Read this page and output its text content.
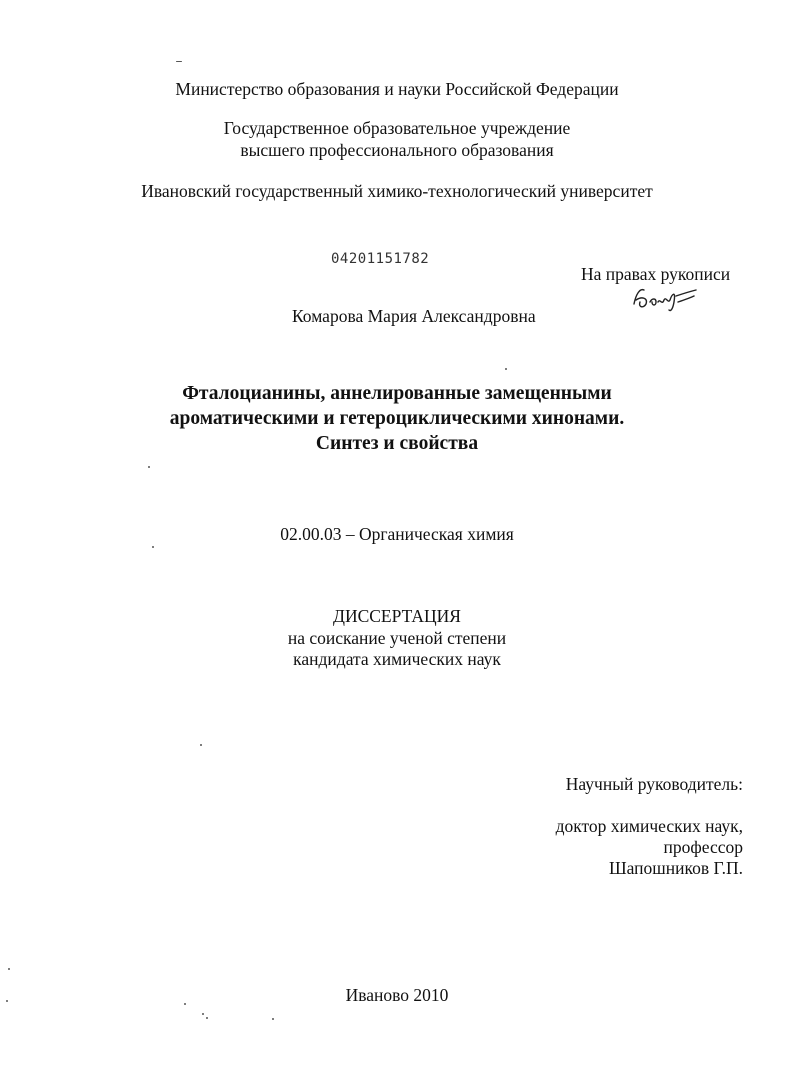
Министерство образования и науки Российской Федерации
Государственное образовательное учреждение
высшего профессионального образования
Ивановский государственный химико-технологический университет
04201151782
На правах рукописи
Комарова Мария Александровна
Фталоцианины, аннелированные замещенными
ароматическими и гетероциклическими хинонами.
Синтез и свойства
02.00.03 – Органическая химия
ДИССЕРТАЦИЯ
на соискание ученой степени
кандидата химических наук
Научный руководитель:
доктор химических наук,
профессор
Шапошников Г.П.
Иваново 2010
